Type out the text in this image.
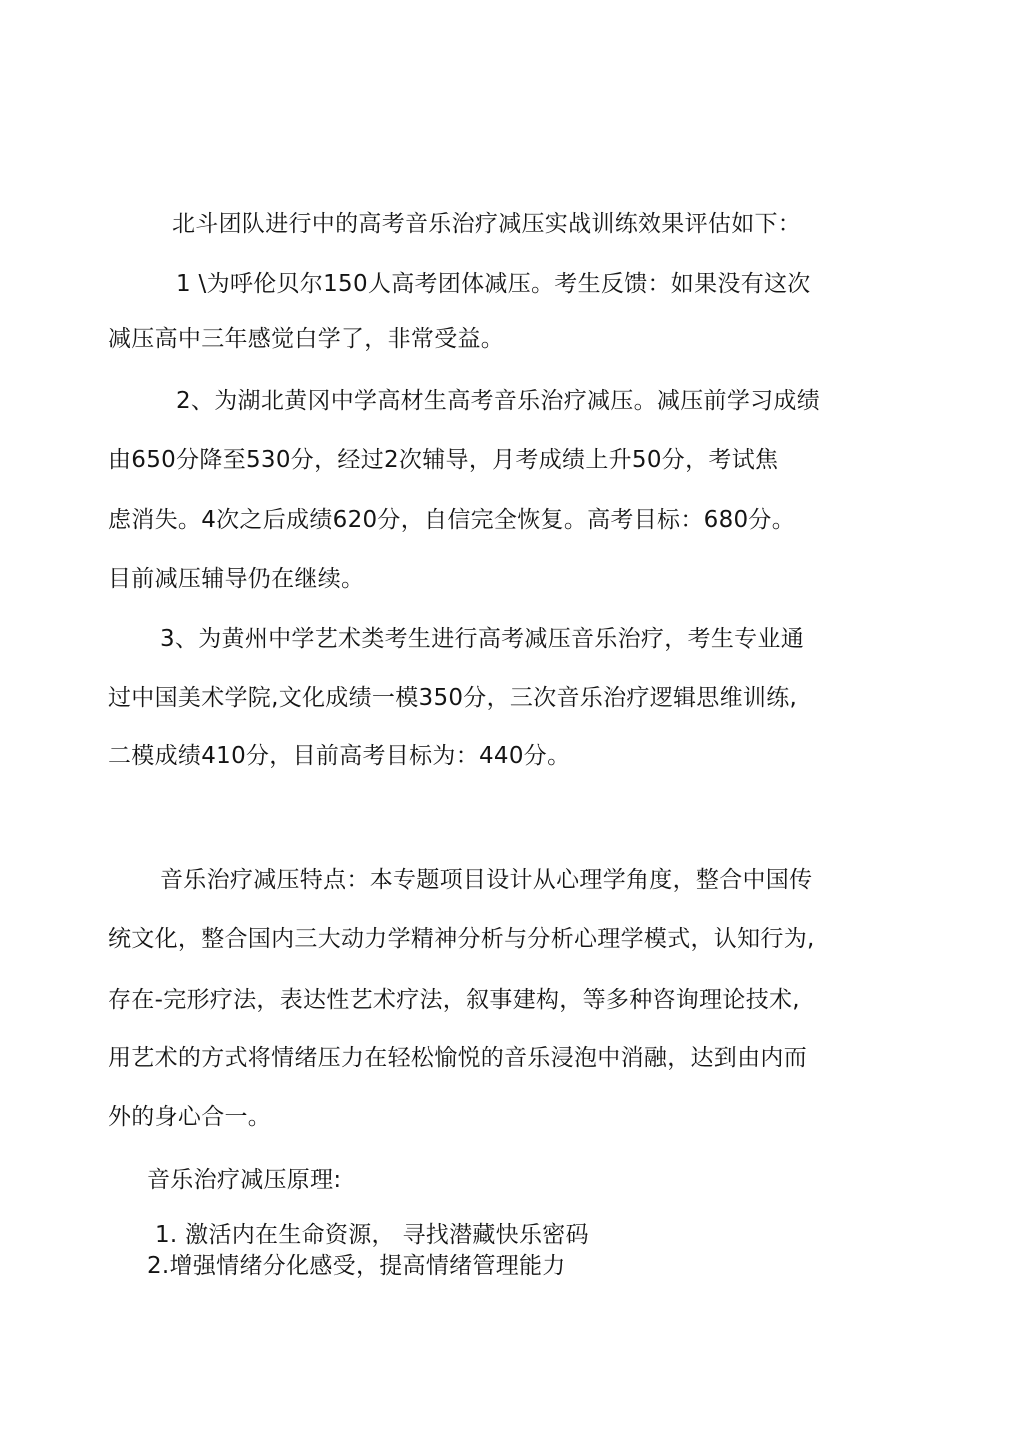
北斗团队进行中的高考音乐治疗减压实战训练效果评估如下：
1 \为呼伦贝尔150人高考团体减压。考生反馈：如果没有这次
减压高中三年感觉白学了，非常受益。
2、为湖北黄冈中学高材生高考音乐治疗减压。减压前学习成绩
由650分降至530分，经过2次辅导，月考成绩上升50分，考试焦
虑消失。4次之后成绩620分，自信完全恢复。高考目标：680分。
目前减压辅导仍在继续。
3、为黄州中学艺术类考生进行高考减压音乐治疗，考生专业通
过中国美术学院,文化成绩一模350分，三次音乐治疗逻辑思维训练,
二模成绩410分，目前高考目标为：440分。
音乐治疗减压特点：本专题项目设计从心理学角度，整合中国传
统文化，整合国内三大动力学精神分析与分析心理学模式，认知行为,
存在-完形疗法，表达性艺术疗法，叙事建构，等多种咨询理论技术,
用艺术的方式将情绪压力在轻松愉悦的音乐浸泡中消融，达到由内而
外的身心合一。
音乐治疗减压原理:
1. 激活内在生命资源， 寻找潜藏快乐密码
2.增强情绪分化感受，提高情绪管理能力
